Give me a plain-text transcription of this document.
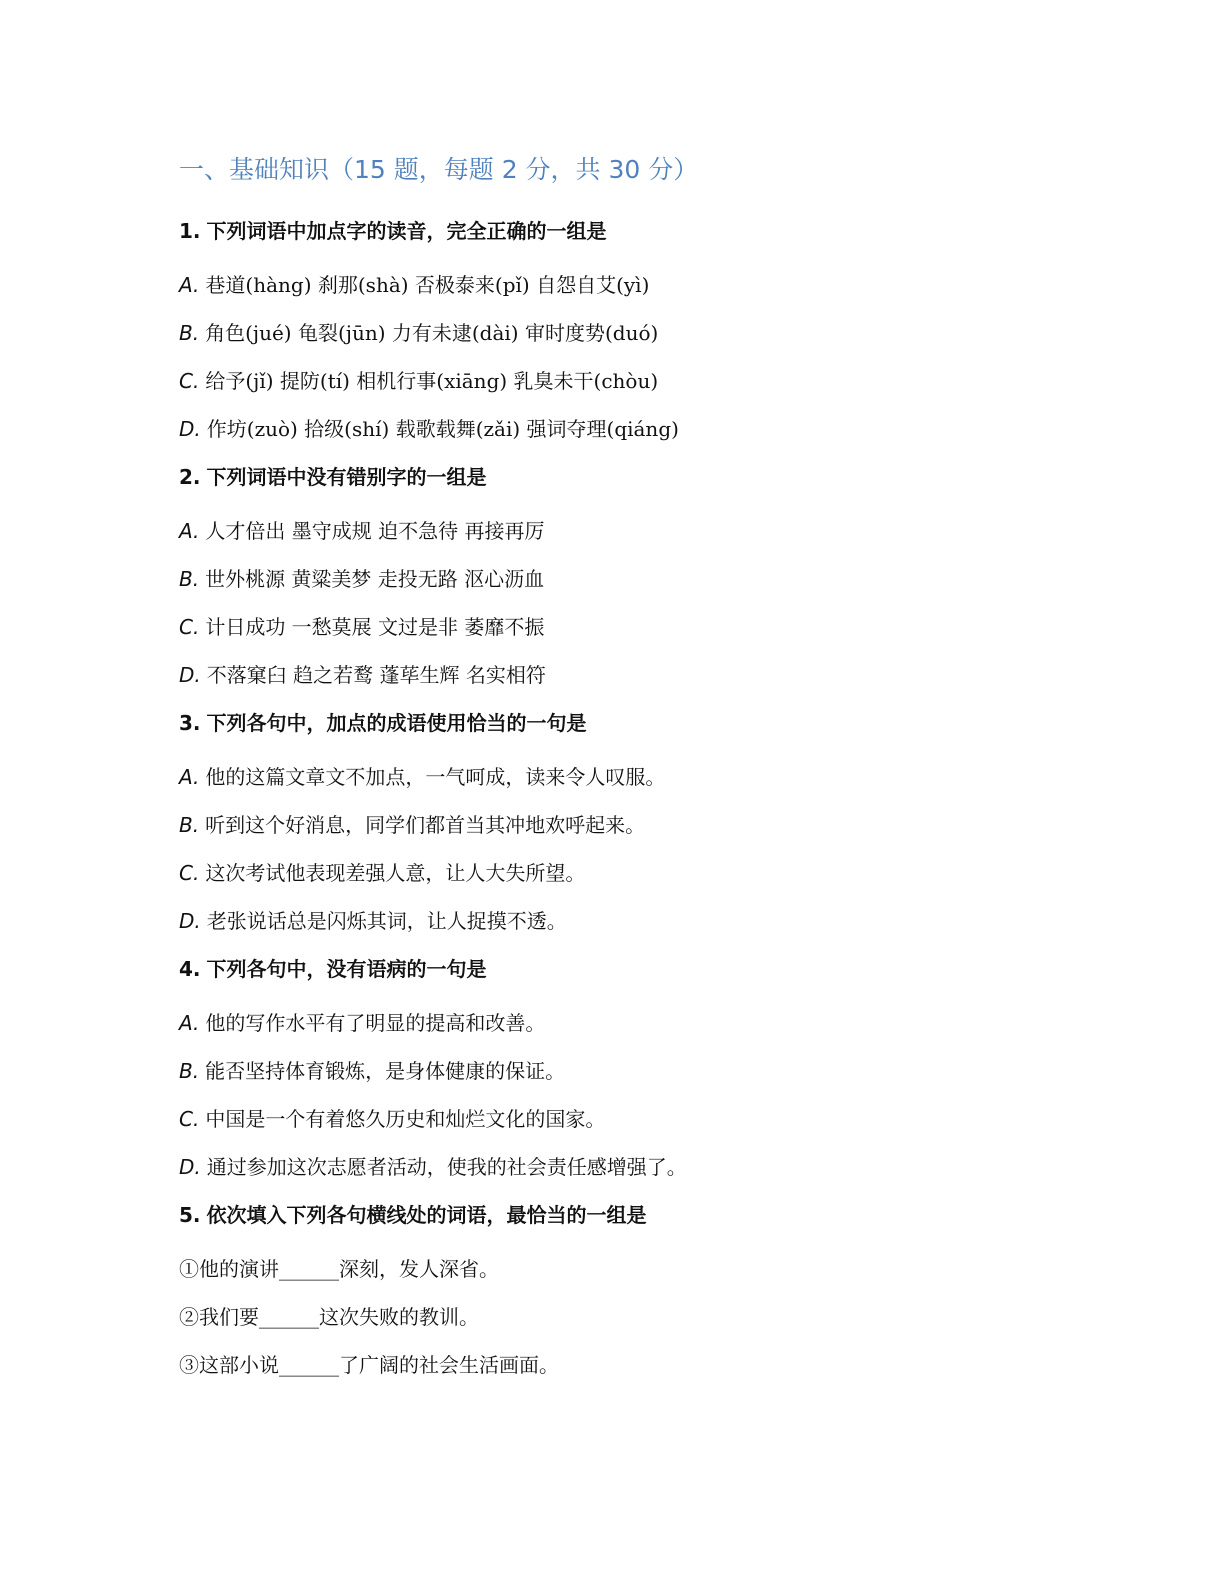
一、基础知识（15 题，每题 2 分，共 30 分）
1. 下列词语中加点字的读音，完全正确的一组是
A. 巷道(hàng) 刹那(shà) 否极泰来(pǐ) 自怨自艾(yì)
B. 角色(jué) 龟裂(jūn) 力有未逮(dài) 审时度势(duó)
C. 给予(jǐ) 提防(tí) 相机行事(xiāng) 乳臭未干(chòu)
D. 作坊(zuò) 拾级(shí) 载歌载舞(zǎi) 强词夺理(qiáng)
2. 下列词语中没有错别字的一组是
A. 人才倍出 墨守成规 迫不急待 再接再厉
B. 世外桃源 黄粱美梦 走投无路 沤心沥血
C. 计日成功 一愁莫展 文过是非 萎靡不振
D. 不落窠臼 趋之若鹜 蓬荜生辉 名实相符
3. 下列各句中，加点的成语使用恰当的一句是
A. 他的这篇文章文不加点，一气呵成，读来令人叹服。
B. 听到这个好消息，同学们都首当其冲地欢呼起来。
C. 这次考试他表现差强人意，让人大失所望。
D. 老张说话总是闪烁其词，让人捉摸不透。
4. 下列各句中，没有语病的一句是
A. 他的写作水平有了明显的提高和改善。
B. 能否坚持体育锻炼，是身体健康的保证。
C. 中国是一个有着悠久历史和灿烂文化的国家。
D. 通过参加这次志愿者活动，使我的社会责任感增强了。
5. 依次填入下列各句横线处的词语，最恰当的一组是
①他的演讲______深刻，发人深省。
②我们要______这次失败的教训。
③这部小说______了广阔的社会生活画面。
